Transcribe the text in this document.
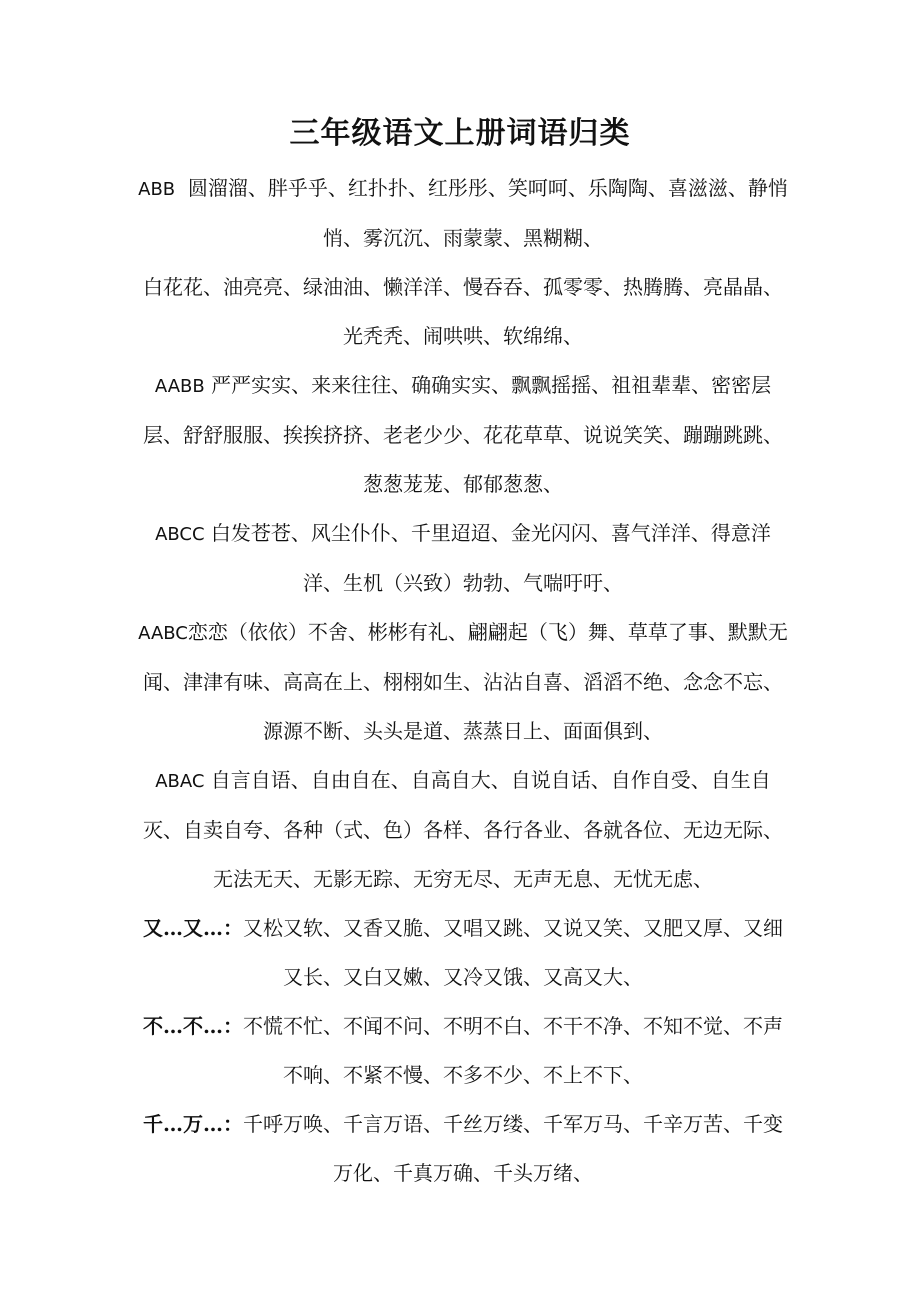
三年级语文上册词语归类

ABB 圆溜溜、胖乎乎、红扑扑、红彤彤、笑呵呵、乐陶陶、喜滋滋、静悄悄、雾沉沉、雨蒙蒙、黑糊糊、

白花花、油亮亮、绿油油、懒洋洋、慢吞吞、孤零零、热腾腾、亮晶晶、光秃秃、闹哄哄、软绵绵、

AABB 严严实实、来来往往、确确实实、飘飘摇摇、祖祖辈辈、密密层层、舒舒服服、挨挨挤挤、老老少少、花花草草、说说笑笑、蹦蹦跳跳、葱葱茏茏、郁郁葱葱、

ABCC 白发苍苍、风尘仆仆、千里迢迢、金光闪闪、喜气洋洋、得意洋洋、生机（兴致）勃勃、气喘吁吁、

AABC恋恋（依依）不舍、彬彬有礼、翩翩起（飞）舞、草草了事、默默无闻、津津有味、高高在上、栩栩如生、沾沾自喜、滔滔不绝、念念不忘、源源不断、头头是道、蒸蒸日上、面面俱到、

ABAC 自言自语、自由自在、自高自大、自说自话、自作自受、自生自灭、自卖自夸、各种（式、色）各样、各行各业、各就各位、无边无际、无法无天、无影无踪、无穷无尽、无声无息、无忧无虑、

又…又…：又松又软、又香又脆、又唱又跳、又说又笑、又肥又厚、又细又长、又白又嫩、又冷又饿、又高又大、

不…不…：不慌不忙、不闻不问、不明不白、不干不净、不知不觉、不声不响、不紧不慢、不多不少、不上不下、

千…万…：千呼万唤、千言万语、千丝万缕、千军万马、千辛万苦、千变万化、千真万确、千头万绪、
